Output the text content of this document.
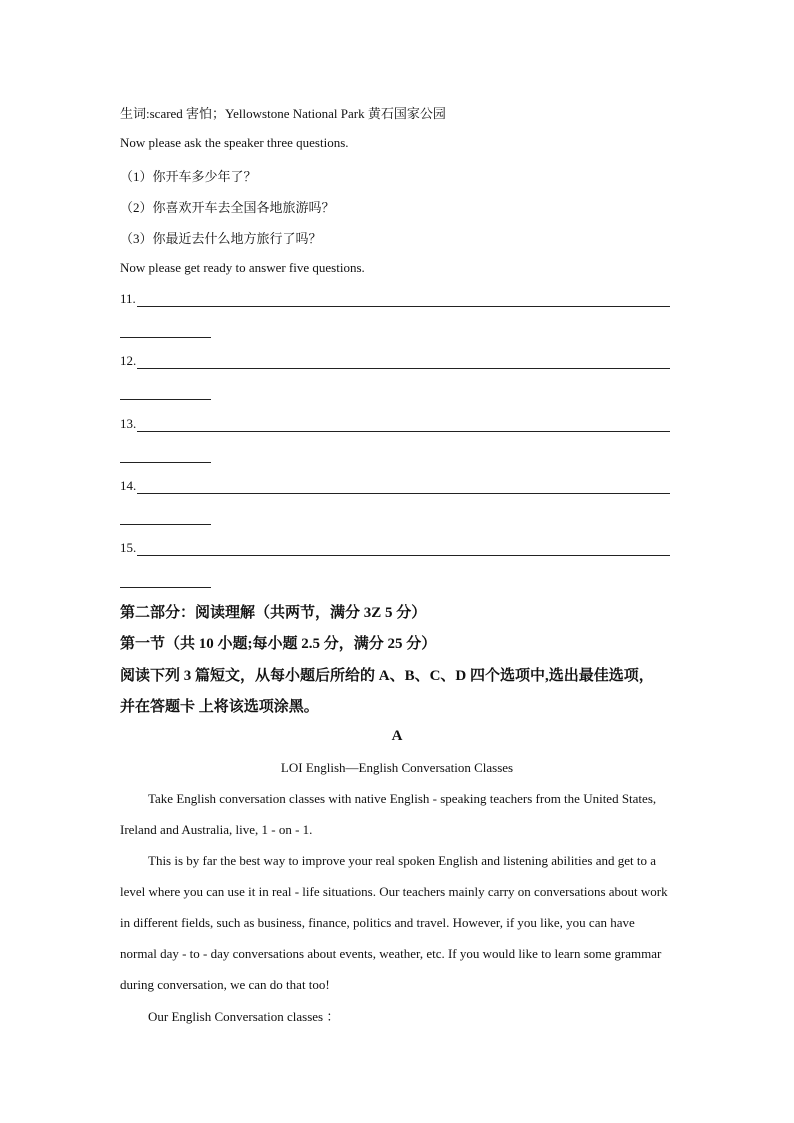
生词:scared 害怕；Yellowstone National Park 黄石国家公园
Now please ask the speaker three questions.
（1）你开车多少年了？
（2）你喜欢开车去全国各地旅游吗？
（3）你最近去什么地方旅行了吗？
Now please get ready to answer five questions.
11.
12.
13.
14.
15.
第二部分：阅读理解（共两节，满分 3Z 5 分）
第一节（共 10 小题;每小题 2.5 分，满分 25 分）
阅读下列 3 篇短文，从每小题后所给的 A、B、C、D 四个选项中,选出最佳选项，
并在答题卡 上将该选项涂黑。
A
LOI English—English Conversation Classes
Take English conversation classes with native English - speaking teachers from the United States, Ireland and Australia, live, 1 - on - 1.
This is by far the best way to improve your real spoken English and listening abilities and get to a level where you can use it in real - life situations. Our teachers mainly carry on conversations about work in different fields, such as business, finance, politics and travel. However, if you like, you can have normal day - to - day conversations about events, weather, etc. If you would like to learn some grammar during conversation, we can do that too!
Our English Conversation classes ：
